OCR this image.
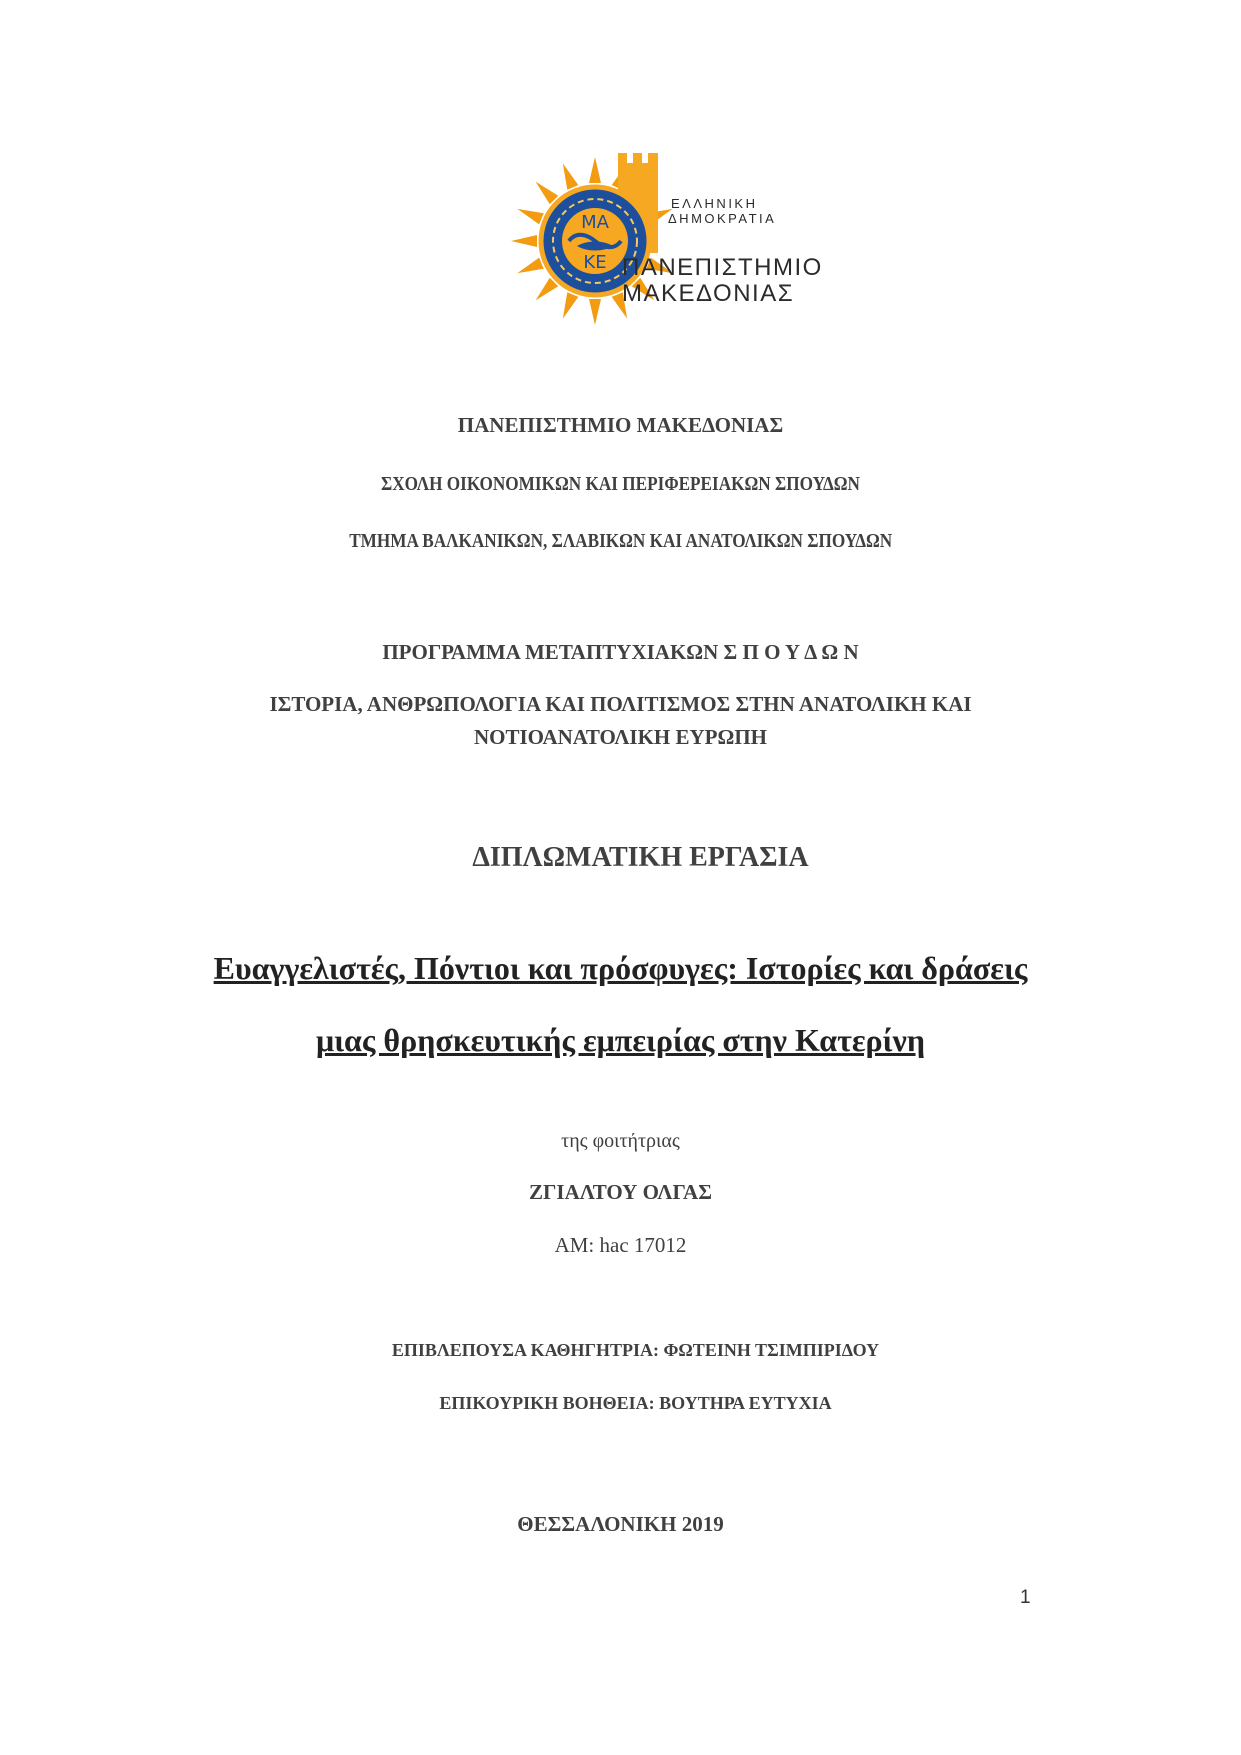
ΜΑ
ΚΕ
ΕΛΛΗΝΙΚΗ
ΔΗΜΟΚΡΑΤΙΑ
ΠΑΝΕΠΙΣΤΗΜΙΟ
ΜΑΚΕΔΟΝΙΑΣ
ΠΑΝΕΠΙΣΤΗΜΙΟ ΜΑΚΕΔΟΝΙΑΣ
ΣΧΟΛΗ ΟΙΚΟΝΟΜΙΚΩΝ ΚΑΙ ΠΕΡΙΦΕΡΕΙΑΚΩΝ ΣΠΟΥΔΩΝ
ΤΜΗΜΑ ΒΑΛΚΑΝΙΚΩΝ, ΣΛΑΒΙΚΩΝ ΚΑΙ ΑΝΑΤΟΛΙΚΩΝ ΣΠΟΥΔΩΝ
ΠΡΟΓΡΑΜΜΑ ΜΕΤΑΠΤΥΧΙΑΚΩΝ Σ Π Ο Υ Δ Ω Ν
ΙΣΤΟΡΙΑ, ΑΝΘΡΩΠΟΛΟΓΙΑ ΚΑΙ ΠΟΛΙΤΙΣΜΟΣ ΣΤΗΝ ΑΝΑΤΟΛΙΚΗ ΚΑΙ
ΝΟΤΙΟΑΝΑΤΟΛΙΚΗ ΕΥΡΩΠΗ
ΔΙΠΛΩΜΑΤΙΚΗ ΕΡΓΑΣΙΑ
Ευαγγελιστές, Πόντιοι και πρόσφυγες: Ιστορίες και δράσεις
μιας θρησκευτικής εμπειρίας στην Κατερίνη
της φοιτήτριας
ΖΓΙΑΛΤΟΥ ΟΛΓΑΣ
ΑΜ: hac 17012
ΕΠΙΒΛΕΠΟΥΣΑ ΚΑΘΗΓΗΤΡΙΑ: ΦΩΤΕΙΝΗ ΤΣΙΜΠΙΡΙΔΟΥ
ΕΠΙΚΟΥΡΙΚΗ ΒΟΗΘΕΙΑ: ΒΟΥΤΗΡΑ ΕΥΤΥΧΙΑ
ΘΕΣΣΑΛΟΝΙΚΗ 2019
1
